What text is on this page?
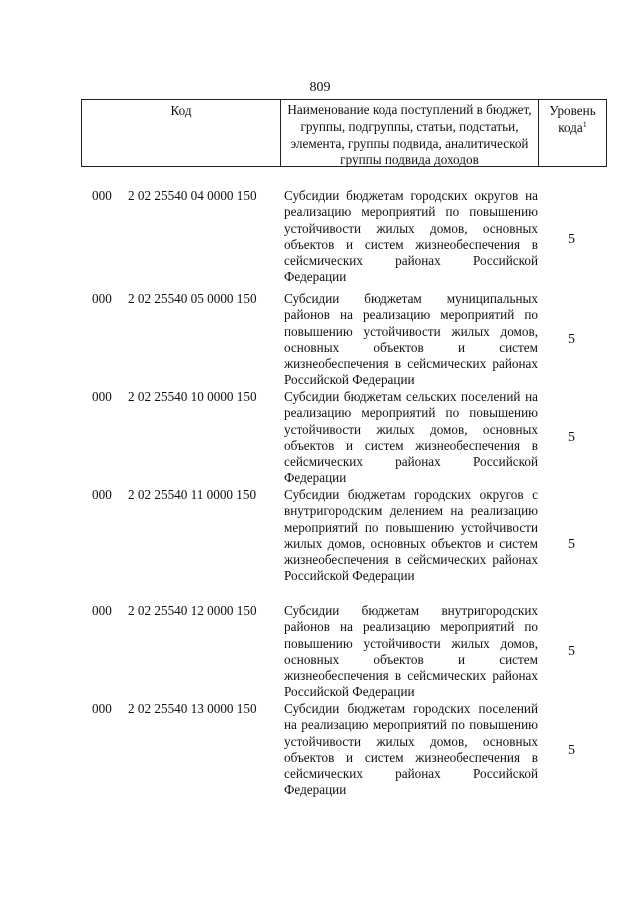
809
Код	Наименование кода поступлений в бюджет, группы, подгруппы, статьи, подстатьи, элемента, группы подвида, аналитической группы подвида доходов
Уровень кода$^1$
000 2 02 25540 04 0000 150 Субсидии бюджетам городских округов на реализацию мероприятий по повышению устойчивости жилых домов, основных объектов и систем жизнеобеспечения в сейсмических районах Российской Федерации
5
000 2 02 25540 05 0000 150 Субсидии бюджетам муниципальных районов на реализацию мероприятий по повышению устойчивости жилых домов, основных объектов и систем жизнеобеспечения в сейсмических районах Российской Федерации
5
000 2 02 25540 10 0000 150 Субсидии бюджетам сельских поселений на реализацию мероприятий по повышению устойчивости жилых домов, основных объектов и систем жизнеобеспечения в сейсмических районах Российской Федерации
5
000 2 02 25540 11 0000 150 Субсидии бюджетам городских округов с внутригородским делением на реализацию мероприятий по повышению устойчивости жилых домов, основных объектов и систем жизнеобеспечения в сейсмических районах Российской Федерации
5
000 2 02 25540 12 0000 150 Субсидии бюджетам внутригородских районов на реализацию мероприятий по повышению устойчивости жилых домов, основных объектов и систем жизнеобеспечения в сейсмических районах Российской Федерации
5
000 2 02 25540 13 0000 150 Субсидии бюджетам городских поселений на реализацию мероприятий по повышению устойчивости жилых домов, основных объектов и систем жизнеобеспечения в сейсмических районах Российской Федерации
5
